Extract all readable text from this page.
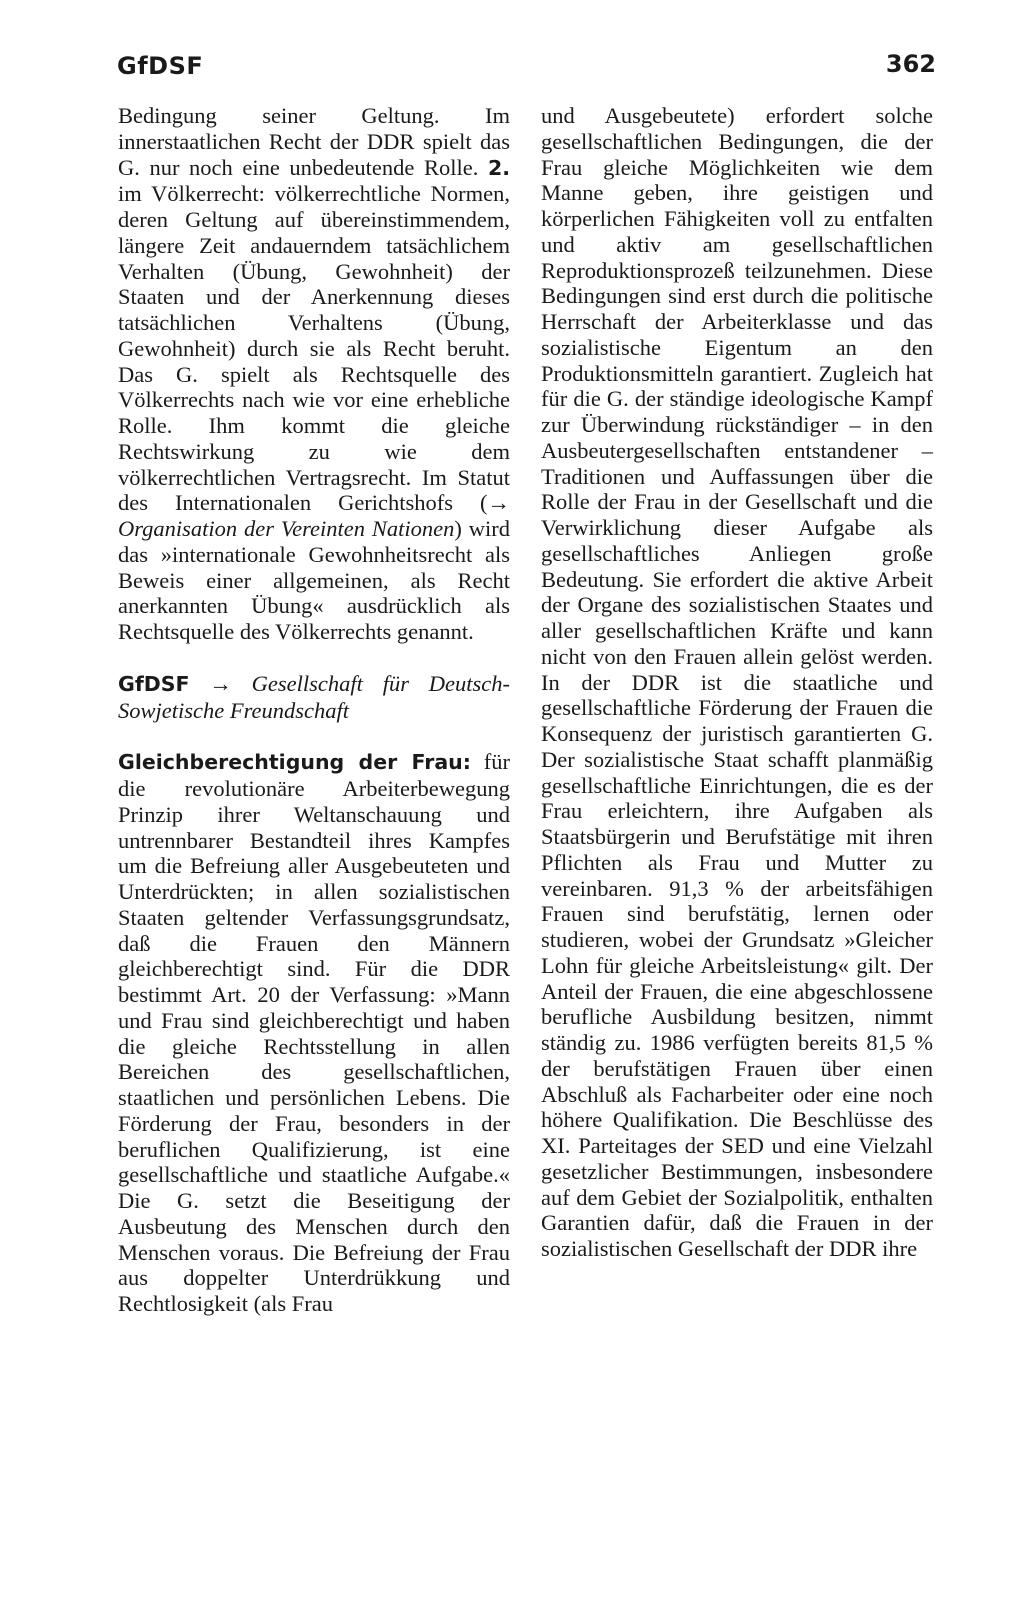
GfDSF	362

Bedingung seiner Geltung. Im innerstaatlichen Recht der DDR spielt das G. nur noch eine unbedeutende Rolle. 2. im Völkerrecht: völkerrechtliche Normen, deren Geltung auf übereinstimmendem, längere Zeit andauerndem tatsächlichem Verhalten (Übung, Gewohnheit) der Staaten und der Anerkennung dieses tatsächlichen Verhaltens (Übung, Gewohnheit) durch sie als Recht beruht. Das G. spielt als Rechtsquelle des Völkerrechts nach wie vor eine erhebliche Rolle. Ihm kommt die gleiche Rechtswirkung zu wie dem völkerrechtlichen Vertragsrecht. Im Statut des Internationalen Gerichtshofs (→ Organisation der Vereinten Nationen) wird das »internationale Gewohnheitsrecht als Beweis einer allgemeinen, als Recht anerkannten Übung« ausdrücklich als Rechtsquelle des Völkerrechts genannt.

GfDSF → Gesellschaft für Deutsch-Sowjetische Freundschaft

Gleichberechtigung der Frau: für die revolutionäre Arbeiterbewegung Prinzip ihrer Weltanschauung und untrennbarer Bestandteil ihres Kampfes um die Befreiung aller Ausgebeuteten und Unterdrückten; in allen sozialistischen Staaten geltender Verfassungsgrundsatz, daß die Frauen den Männern gleichberechtigt sind. Für die DDR bestimmt Art. 20 der Verfassung: »Mann und Frau sind gleichberechtigt und haben die gleiche Rechtsstellung in allen Bereichen des gesellschaftlichen, staatlichen und persönlichen Lebens. Die Förderung der Frau, besonders in der beruflichen Qualifizierung, ist eine gesellschaftliche und staatliche Aufgabe.« Die G. setzt die Beseitigung der Ausbeutung des Menschen durch den Menschen voraus. Die Befreiung der Frau aus doppelter Unterdrükkung und Rechtlosigkeit (als Frau

und Ausgebeutete) erfordert solche gesellschaftlichen Bedingungen, die der Frau gleiche Möglichkeiten wie dem Manne geben, ihre geistigen und körperlichen Fähigkeiten voll zu entfalten und aktiv am gesellschaftlichen Reproduktionsprozeß teilzunehmen. Diese Bedingungen sind erst durch die politische Herrschaft der Arbeiterklasse und das sozialistische Eigentum an den Produktionsmitteln garantiert. Zugleich hat für die G. der ständige ideologische Kampf zur Überwindung rückständiger – in den Ausbeutergesellschaften entstandener – Traditionen und Auffassungen über die Rolle der Frau in der Gesellschaft und die Verwirklichung dieser Aufgabe als gesellschaftliches Anliegen große Bedeutung. Sie erfordert die aktive Arbeit der Organe des sozialistischen Staates und aller gesellschaftlichen Kräfte und kann nicht von den Frauen allein gelöst werden. In der DDR ist die staatliche und gesellschaftliche Förderung der Frauen die Konsequenz der juristisch garantierten G. Der sozialistische Staat schafft planmäßig gesellschaftliche Einrichtungen, die es der Frau erleichtern, ihre Aufgaben als Staatsbürgerin und Berufstätige mit ihren Pflichten als Frau und Mutter zu vereinbaren. 91,3 % der arbeitsfähigen Frauen sind berufstätig, lernen oder studieren, wobei der Grundsatz »Gleicher Lohn für gleiche Arbeitsleistung« gilt. Der Anteil der Frauen, die eine abgeschlossene berufliche Ausbildung besitzen, nimmt ständig zu. 1986 verfügten bereits 81,5 % der berufstätigen Frauen über einen Abschluß als Facharbeiter oder eine noch höhere Qualifikation. Die Beschlüsse des XI. Parteitages der SED und eine Vielzahl gesetzlicher Bestimmungen, insbesondere auf dem Gebiet der Sozialpolitik, enthalten Garantien dafür, daß die Frauen in der sozialistischen Gesellschaft der DDR ihre
